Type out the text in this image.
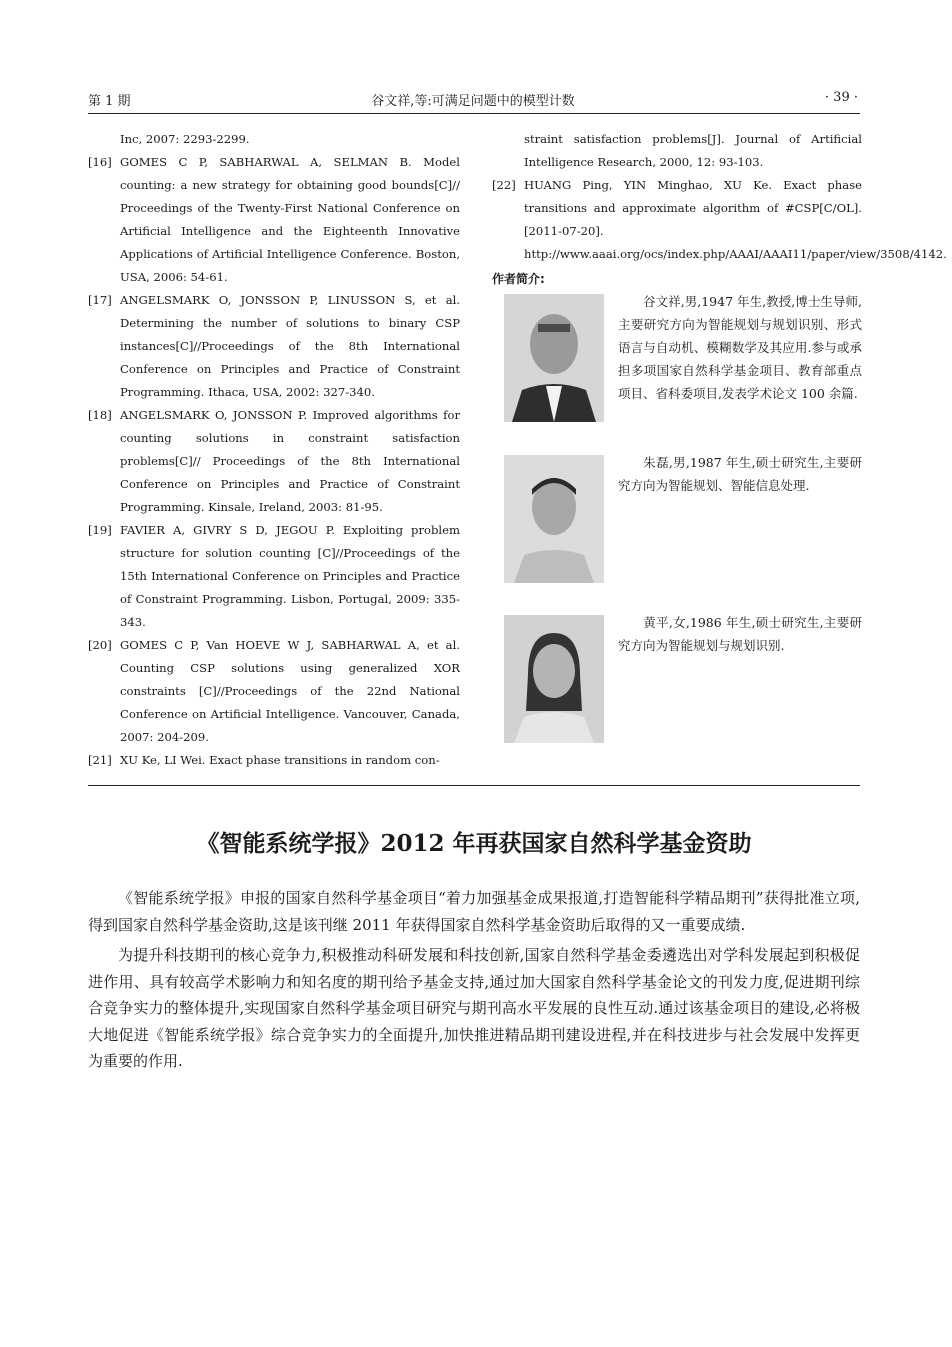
第 1 期	谷文祥,等:可满足问题中的模型计数	· 39 ·
Inc, 2007: 2293-2299.
[16] GOMES C P, SABHARWAL A, SELMAN B. Model counting: a new strategy for obtaining good bounds[C]// Proceedings of the Twenty-First National Conference on Artificial Intelligence and the Eighteenth Innovative Applications of Artificial Intelligence Conference. Boston, USA, 2006: 54-61.
[17] ANGELSMARK O, JONSSON P, LINUSSON S, et al. Determining the number of solutions to binary CSP instances[C]//Proceedings of the 8th International Conference on Principles and Practice of Constraint Programming. Ithaca, USA, 2002: 327-340.
[18] ANGELSMARK O, JONSSON P. Improved algorithms for counting solutions in constraint satisfaction problems[C]// Proceedings of the 8th International Conference on Principles and Practice of Constraint Programming. Kinsale, Ireland, 2003: 81-95.
[19] FAVIER A, GIVRY S D, JEGOU P. Exploiting problem structure for solution counting [C]//Proceedings of the 15th International Conference on Principles and Practice of Constraint Programming. Lisbon, Portugal, 2009: 335-343.
[20] GOMES C P, Van HOEVE W J, SABHARWAL A, et al. Counting CSP solutions using generalized XOR constraints [C]//Proceedings of the 22nd National Conference on Artificial Intelligence. Vancouver, Canada, 2007: 204-209.
[21] XU Ke, LI Wei. Exact phase transitions in random con-
straint satisfaction problems[J]. Journal of Artificial Intelligence Research, 2000, 12: 93-103.
[22] HUANG Ping, YIN Minghao, XU Ke. Exact phase transitions and approximate algorithm of #CSP[C/OL]. [2011-07-20]. http://www.aaai.org/ocs/index.php/AAAI/AAAI11/paper/view/3508/4142.
作者简介:
谷文祥,男,1947 年生,教授,博士生导师,主要研究方向为智能规划与规划识别、形式语言与自动机、模糊数学及其应用.参与或承担多项国家自然科学基金项目、教育部重点项目、省科委项目,发表学术论文 100 余篇.
朱磊,男,1987 年生,硕士研究生,主要研究方向为智能规划、智能信息处理.
黄平,女,1986 年生,硕士研究生,主要研究方向为智能规划与规划识别.
《智能系统学报》2012 年再获国家自然科学基金资助

《智能系统学报》申报的国家自然科学基金项目“着力加强基金成果报道,打造智能科学精品期刊”获得批准立项,得到国家自然科学基金资助,这是该刊继 2011 年获得国家自然科学基金资助后取得的又一重要成绩.

为提升科技期刊的核心竞争力,积极推动科研发展和科技创新,国家自然科学基金委遴选出对学科发展起到积极促进作用、具有较高学术影响力和知名度的期刊给予基金支持,通过加大国家自然科学基金论文的刊发力度,促进期刊综合竞争实力的整体提升,实现国家自然科学基金项目研究与期刊高水平发展的良性互动.通过该基金项目的建设,必将极大地促进《智能系统学报》综合竞争实力的全面提升,加快推进精品期刊建设进程,并在科技进步与社会发展中发挥更为重要的作用.
